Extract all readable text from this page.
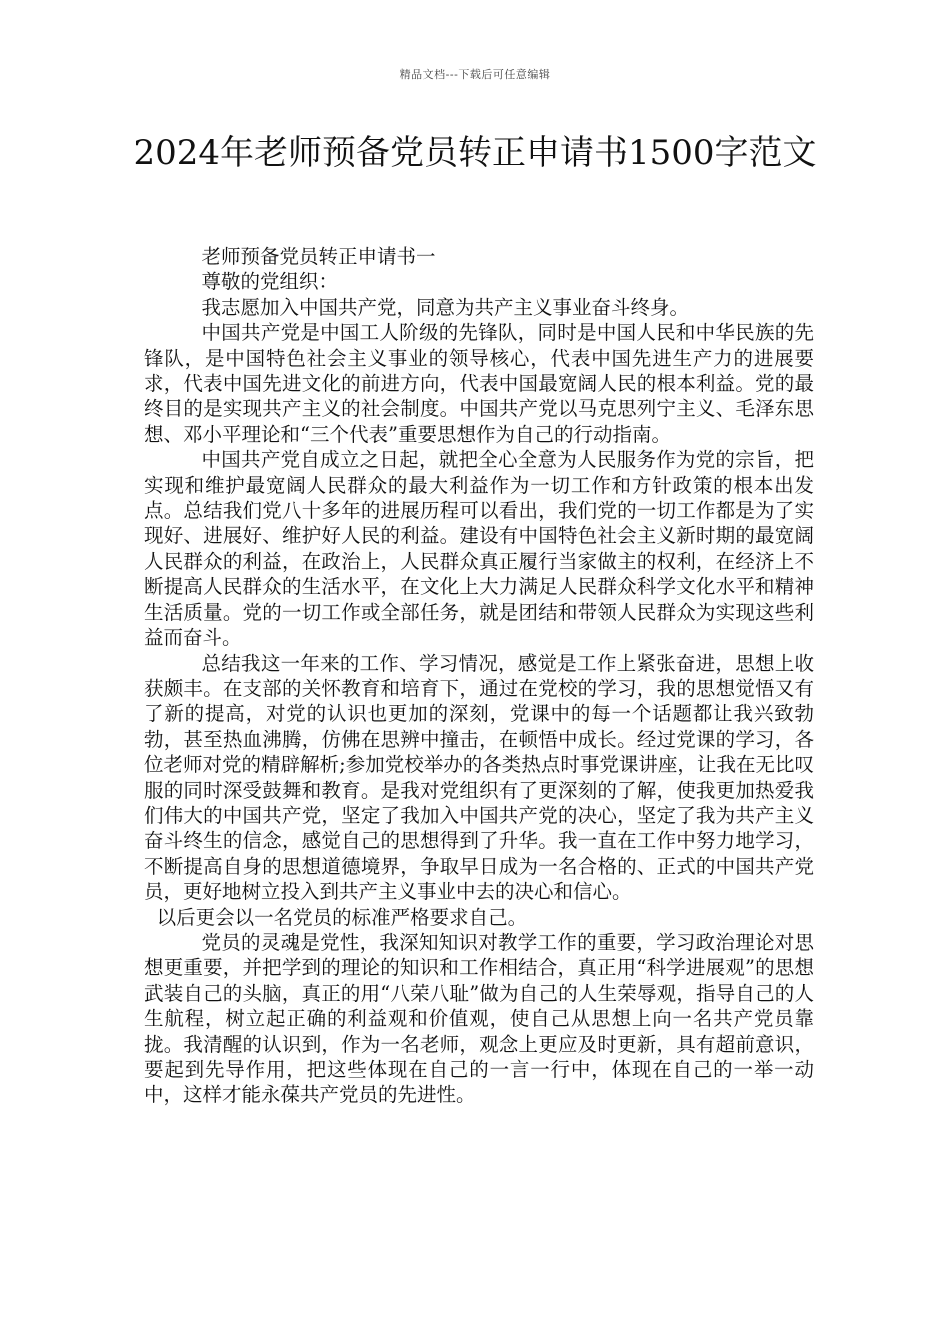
精品文档---下载后可任意编辑
2024年老师预备党员转正申请书1500字范文

老师预备党员转正申请书一

尊敬的党组织：

我志愿加入中国共产党，同意为共产主义事业奋斗终身。

中国共产党是中国工人阶级的先锋队，同时是中国人民和中华民族的先锋队，是中国特色社会主义事业的领导核心，代表中国先进生产力的进展要求，代表中国先进文化的前进方向，代表中国最宽阔人民的根本利益。党的最终目的是实现共产主义的社会制度。中国共产党以马克思列宁主义、毛泽东思想、邓小平理论和“三个代表”重要思想作为自己的行动指南。

中国共产党自成立之日起，就把全心全意为人民服务作为党的宗旨，把实现和维护最宽阔人民群众的最大利益作为一切工作和方针政策的根本出发点。总结我们党八十多年的进展历程可以看出，我们党的一切工作都是为了实现好、进展好、维护好人民的利益。建设有中国特色社会主义新时期的最宽阔人民群众的利益，在政治上，人民群众真正履行当家做主的权利，在经济上不断提高人民群众的生活水平，在文化上大力满足人民群众科学文化水平和精神生活质量。党的一切工作或全部任务，就是团结和带领人民群众为实现这些利益而奋斗。

总结我这一年来的工作、学习情况，感觉是工作上紧张奋进，思想上收获颇丰。在支部的关怀教育和培育下，通过在党校的学习，我的思想觉悟又有了新的提高，对党的认识也更加的深刻，党课中的每一个话题都让我兴致勃勃，甚至热血沸腾，仿佛在思辨中撞击，在顿悟中成长。经过党课的学习，各位老师对党的精辟解析;参加党校举办的各类热点时事党课讲座，让我在无比叹服的同时深受鼓舞和教育。是我对党组织有了更深刻的了解，使我更加热爱我们伟大的中国共产党，坚定了我加入中国共产党的决心，坚定了我为共产主义奋斗终生的信念，感觉自己的思想得到了升华。我一直在工作中努力地学习，不断提高自身的思想道德境界，争取早日成为一名合格的、正式的中国共产党员，更好地树立投入到共产主义事业中去的决心和信心。

以后更会以一名党员的标准严格要求自己。

党员的灵魂是党性，我深知知识对教学工作的重要，学习政治理论对思想更重要，并把学到的理论的知识和工作相结合，真正用“科学进展观”的思想武装自己的头脑，真正的用“八荣八耻”做为自己的人生荣辱观，指导自己的人生航程，树立起正确的利益观和价值观，使自己从思想上向一名共产党员靠拢。我清醒的认识到，作为一名老师，观念上更应及时更新，具有超前意识，要起到先导作用，把这些体现在自己的一言一行中，体现在自己的一举一动中，这样才能永葆共产党员的先进性。
